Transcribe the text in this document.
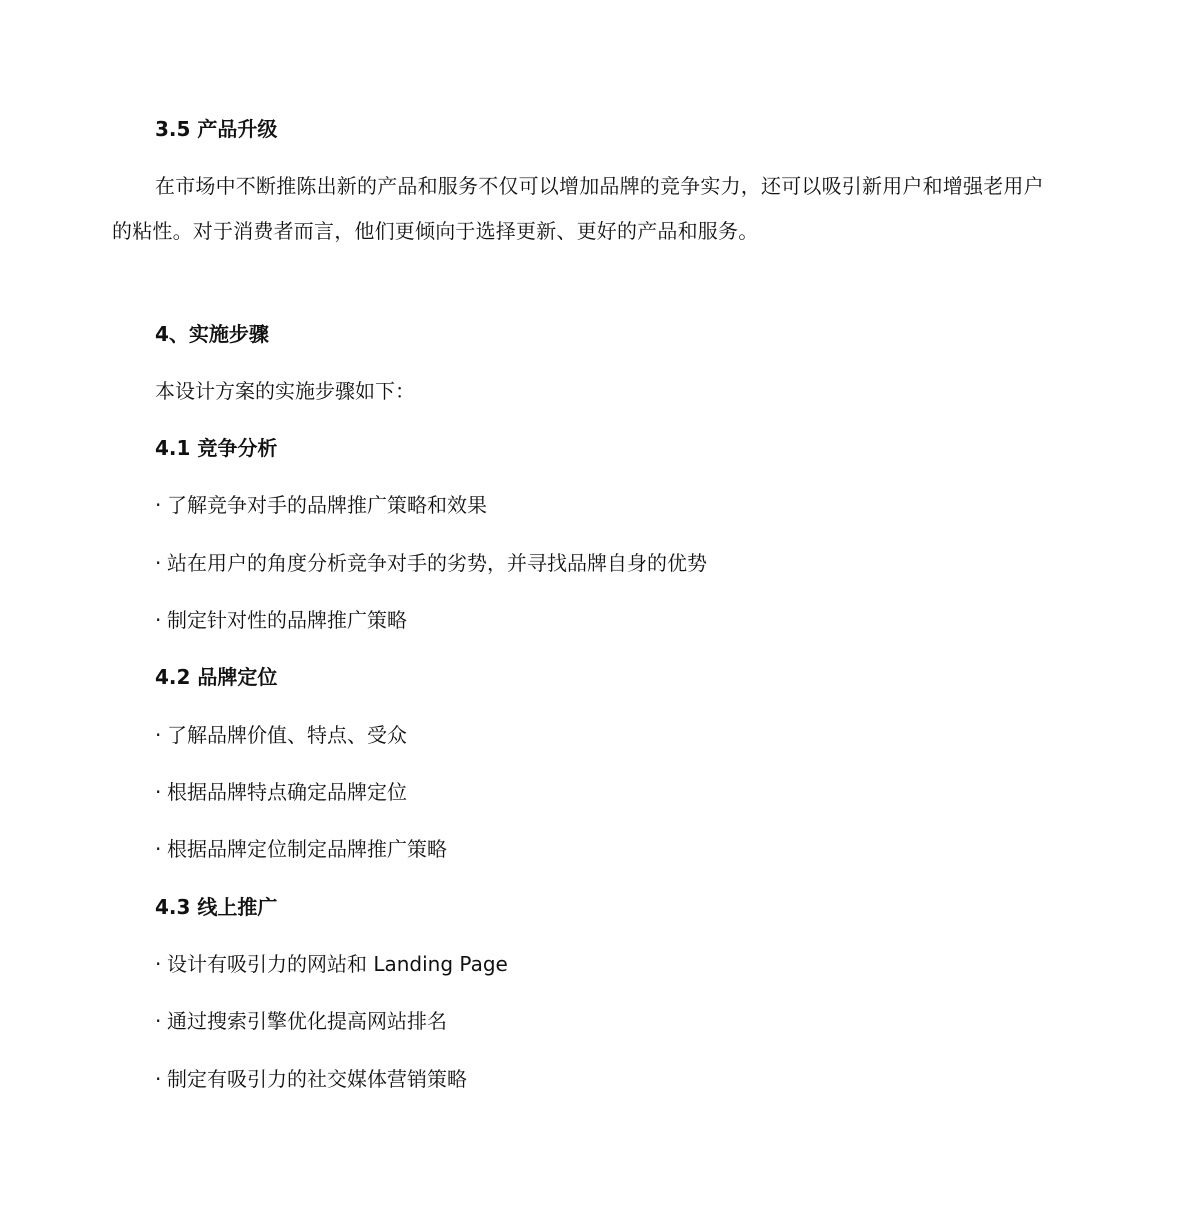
3.5 产品升级
在市场中不断推陈出新的产品和服务不仅可以增加品牌的竞争实力，还可以吸引新用户和增强老用户的粘性。对于消费者而言，他们更倾向于选择更新、更好的产品和服务。
4、实施步骤
本设计方案的实施步骤如下：
4.1 竞争分析
· 了解竞争对手的品牌推广策略和效果
· 站在用户的角度分析竞争对手的劣势，并寻找品牌自身的优势
· 制定针对性的品牌推广策略
4.2 品牌定位
· 了解品牌价值、特点、受众
· 根据品牌特点确定品牌定位
· 根据品牌定位制定品牌推广策略
4.3 线上推广
· 设计有吸引力的网站和 Landing Page
· 通过搜索引擎优化提高网站排名
· 制定有吸引力的社交媒体营销策略
